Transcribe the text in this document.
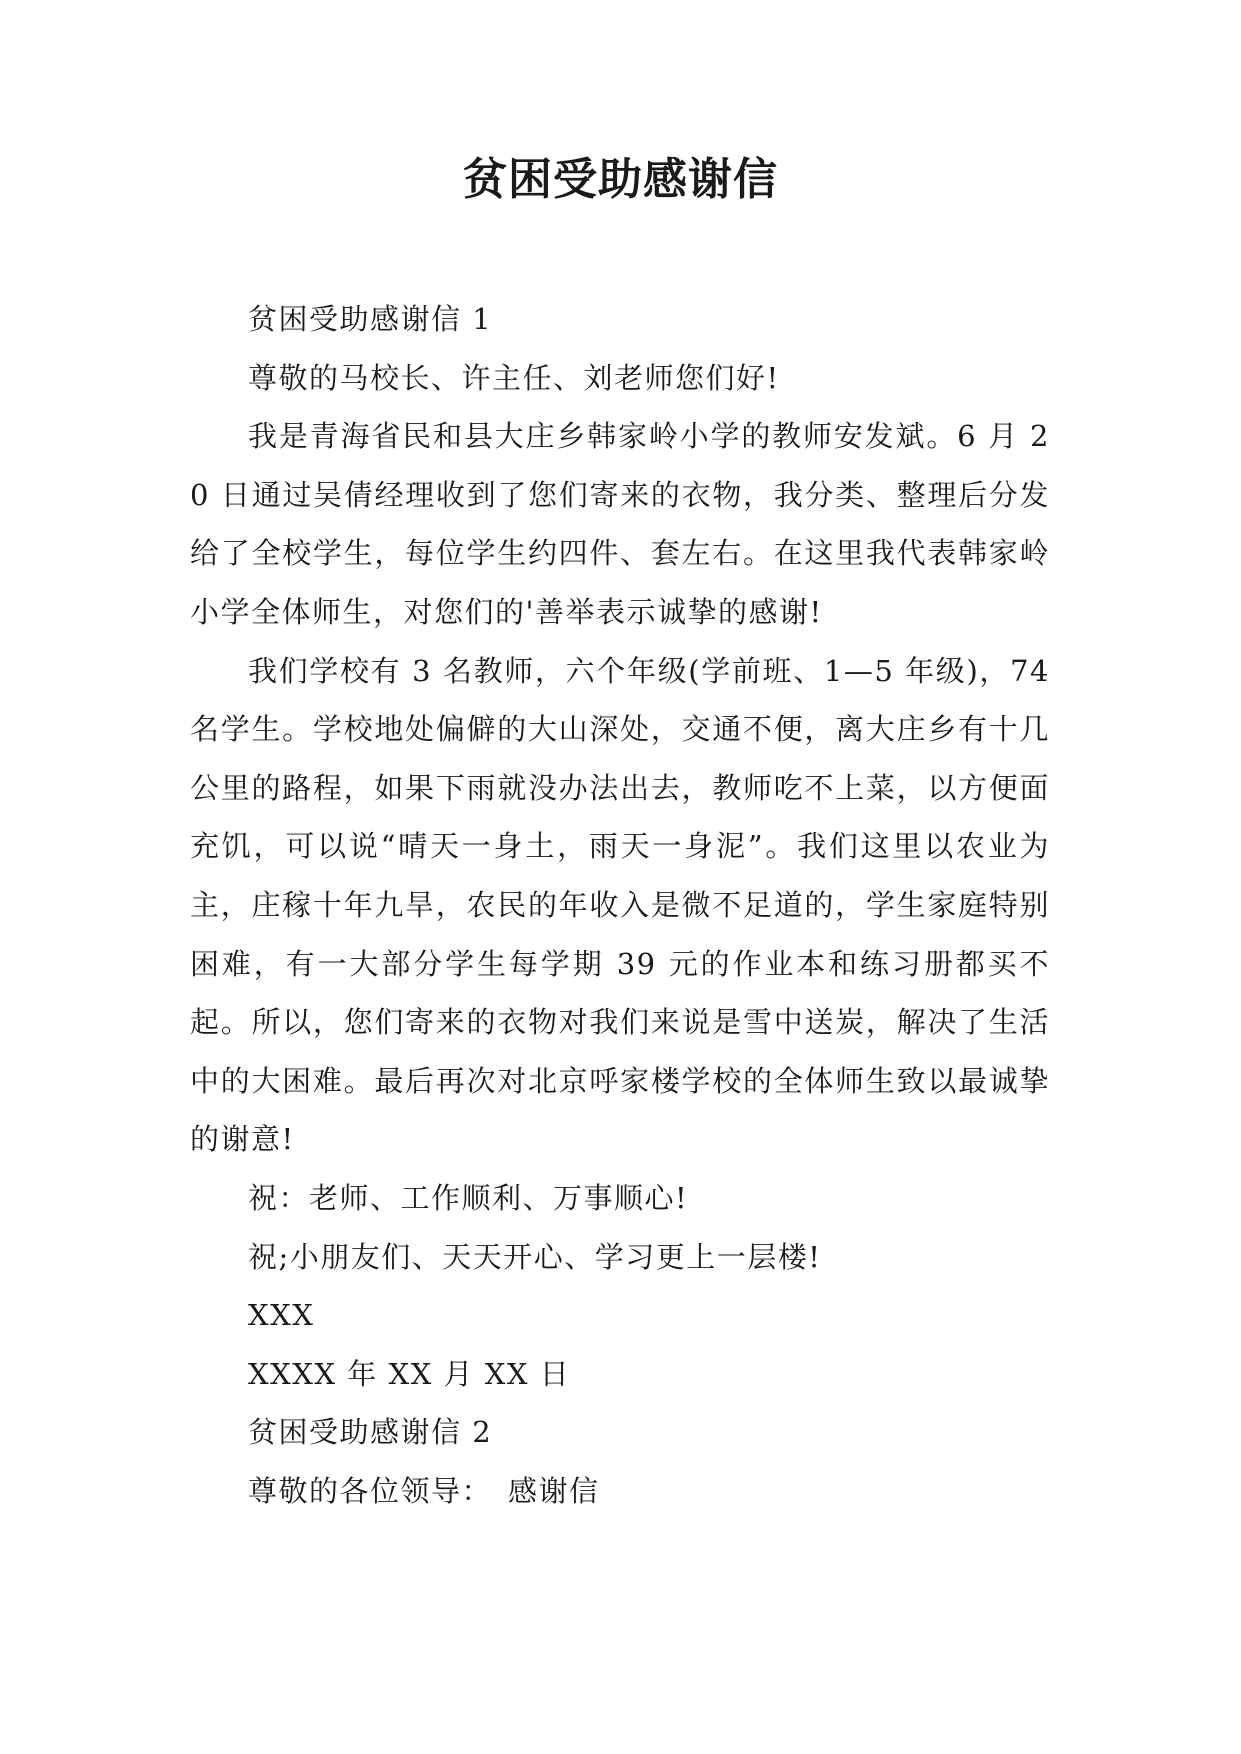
贫困受助感谢信

贫困受助感谢信 1

尊敬的马校长、许主任、刘老师您们好!

我是青海省民和县大庄乡韩家岭小学的教师安发斌。6 月 20 日通过吴倩经理收到了您们寄来的衣物，我分类、整理后分发给了全校学生，每位学生约四件、套左右。在这里我代表韩家岭小学全体师生，对您们的'善举表示诚挚的感谢!

我们学校有 3 名教师，六个年级(学前班、1—5 年级)，74 名学生。学校地处偏僻的大山深处，交通不便，离大庄乡有十几公里的路程，如果下雨就没办法出去，教师吃不上菜，以方便面充饥，可以说“晴天一身土，雨天一身泥”。我们这里以农业为主，庄稼十年九旱，农民的年收入是微不足道的，学生家庭特别困难，有一大部分学生每学期 39 元的作业本和练习册都买不起。所以，您们寄来的衣物对我们来说是雪中送炭，解决了生活中的大困难。最后再次对北京呼家楼学校的全体师生致以最诚挚的谢意!

祝：老师、工作顺利、万事顺心!

祝;小朋友们、天天开心、学习更上一层楼!

XXX

XXXX 年 XX 月 XX 日

贫困受助感谢信 2

尊敬的各位领导：　感谢信
